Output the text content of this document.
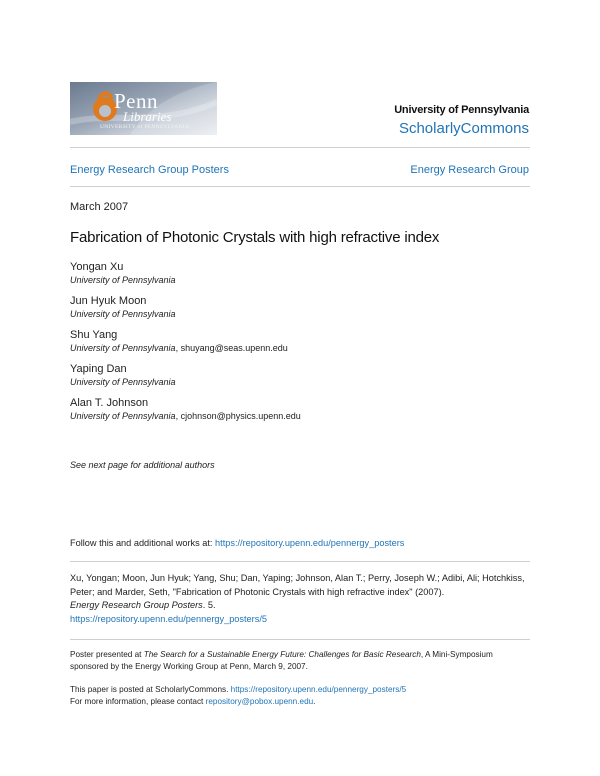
Penn
Libraries
UNIVERSITY of PENNSYLVANIA
University of Pennsylvania
ScholarlyCommons
Energy Research Group Posters	Energy Research Group
March 2007
Fabrication of Photonic Crystals with high refractive index
Yongan Xu
University of Pennsylvania
Jun Hyuk Moon
University of Pennsylvania
Shu Yang
University of Pennsylvania, shuyang@seas.upenn.edu
Yaping Dan
University of Pennsylvania
Alan T. Johnson
University of Pennsylvania, cjohnson@physics.upenn.edu
See next page for additional authors
Follow this and additional works at: https://repository.upenn.edu/pennergy_posters
Xu, Yongan; Moon, Jun Hyuk; Yang, Shu; Dan, Yaping; Johnson, Alan T.; Perry, Joseph W.; Adibi, Ali; Hotchkiss, Peter; and Marder, Seth, "Fabrication of Photonic Crystals with high refractive index" (2007).
Energy Research Group Posters. 5.
https://repository.upenn.edu/pennergy_posters/5
Poster presented at The Search for a Sustainable Energy Future: Challenges for Basic Research, A Mini-Symposium sponsored by the Energy Working Group at Penn, March 9, 2007.
This paper is posted at ScholarlyCommons. https://repository.upenn.edu/pennergy_posters/5
For more information, please contact repository@pobox.upenn.edu.
